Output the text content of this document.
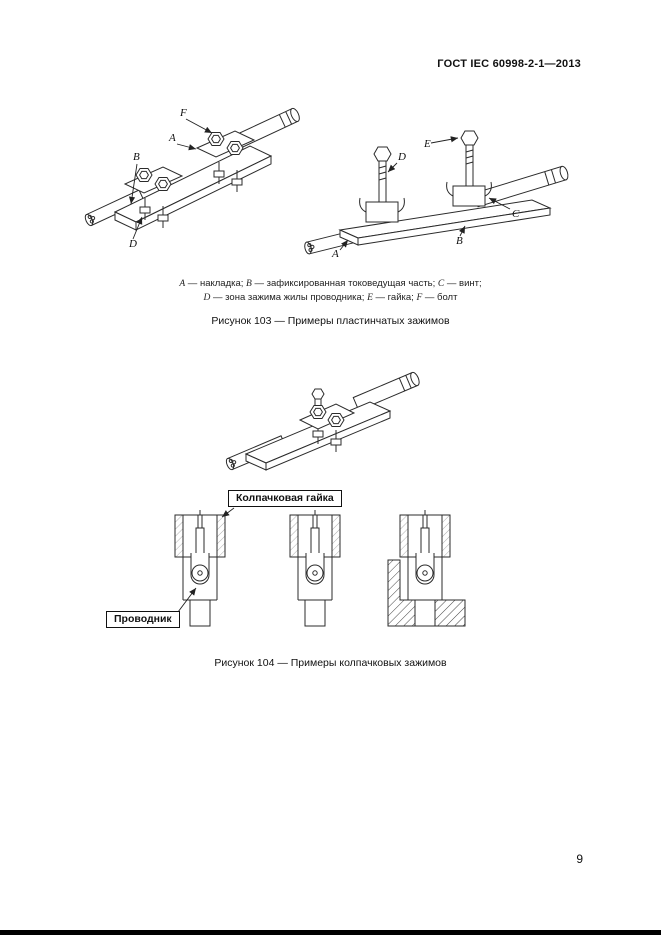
ГОСТ IEC 60998-2-1—2013
F
A
B
D
D
E
A
B
C
A — накладка; B — зафиксированная токоведущая часть; C — винт;
D — зона зажима жилы проводника; E — гайка; F — болт
Рисунок 103 — Примеры пластинчатых зажимов
Колпачковая гайка
Проводник
Рисунок 104 — Примеры колпачковых зажимов
9
